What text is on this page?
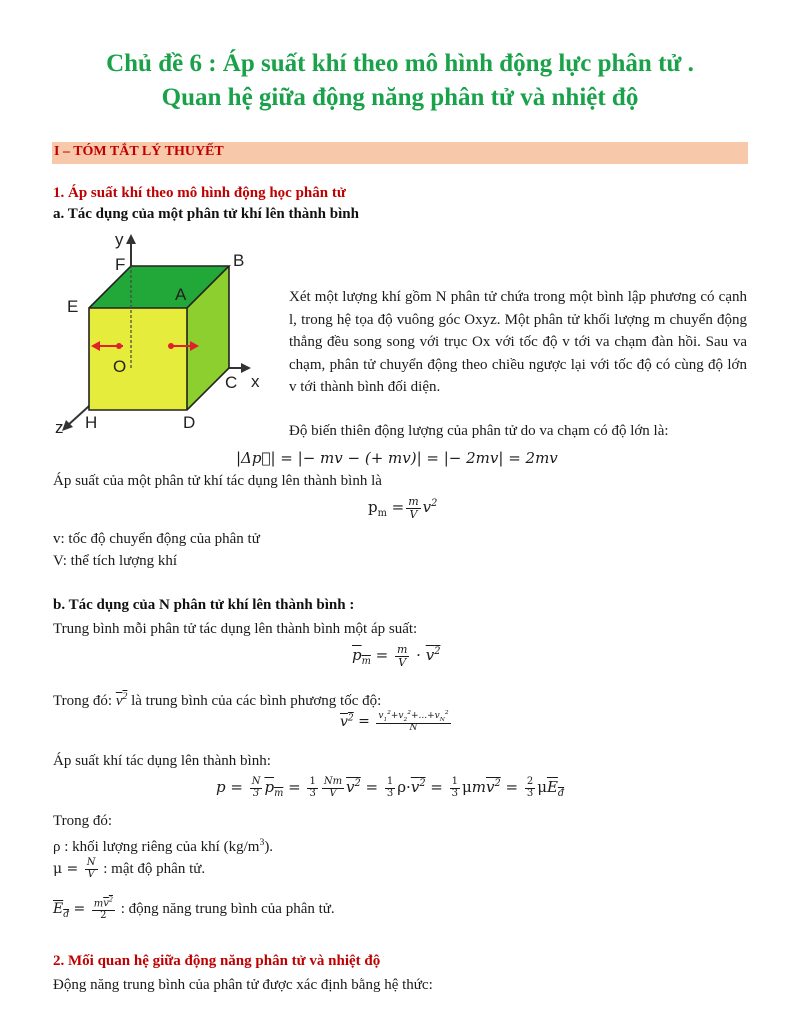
Chủ đề 6 : Áp suất khí theo mô hình động lực phân tử .
Quan hệ giữa động năng phân tử và nhiệt độ
I – TÓM TẮT LÝ THUYẾT
1. Áp suất khí theo mô hình động học phân tử
a. Tác dụng của một phân tử khí lên thành bình
y
F	B
E
A
O
C x
z H	D
Xét một lượng khí gồm N phân tử chứa trong một bình lập phương có cạnh l, trong hệ tọa độ vuông góc Oxyz. Một phân tử khối lượng m chuyển động thẳng đều song song với trục Ox với tốc độ v tới va chạm đàn hồi. Sau va chạm, phân tử chuyển động theo chiều ngược lại với tốc độ có cùng độ lớn v tới thành bình đối diện.
Độ biến thiên động lượng của phân tử do va chạm có độ lớn là:
|Δp⃗| = |− mv − (+ mv)| = |− 2mv| = 2mv
Áp suất của một phân tử khí tác dụng lên thành bình là
$p_m = \frac{m}{V} v^2$
v: tốc độ chuyển động của phân tử
V: thể tích lượng khí
b. Tác dụng của N phân tử khí lên thành bình :
Trung bình mỗi phân tử tác dụng lên thành bình một áp suất:
$p_m = \frac{m}{V} \cdot v^2$
Trong đó: $v^2$ là trung bình của các bình phương tốc độ:
$v^2 = \frac{v_1^2+v_2^2+...+v_N^2}{N}$
Áp suất khí tác dụng lên thành bình:
$p = \frac{N}{3} p_m = \frac{1}{3} \frac{Nm}{V} v^2 = \frac{1}{3} \rho\cdot v^2 = \frac{1}{3} \mu mv^2 = \frac{2}{3} \mu E_đ$
Trong đó:
ρ : khối lượng riêng của khí $(kg/m^3)$.
$\mu = \frac{N}{V}$ : mật độ phân tử.
$E_đ = \frac{mv^2}{2}$ : động năng trung bình của phân tử.
2. Mối quan hệ giữa động năng phân tử và nhiệt độ
Động năng trung bình của phân tử được xác định bằng hệ thức:
